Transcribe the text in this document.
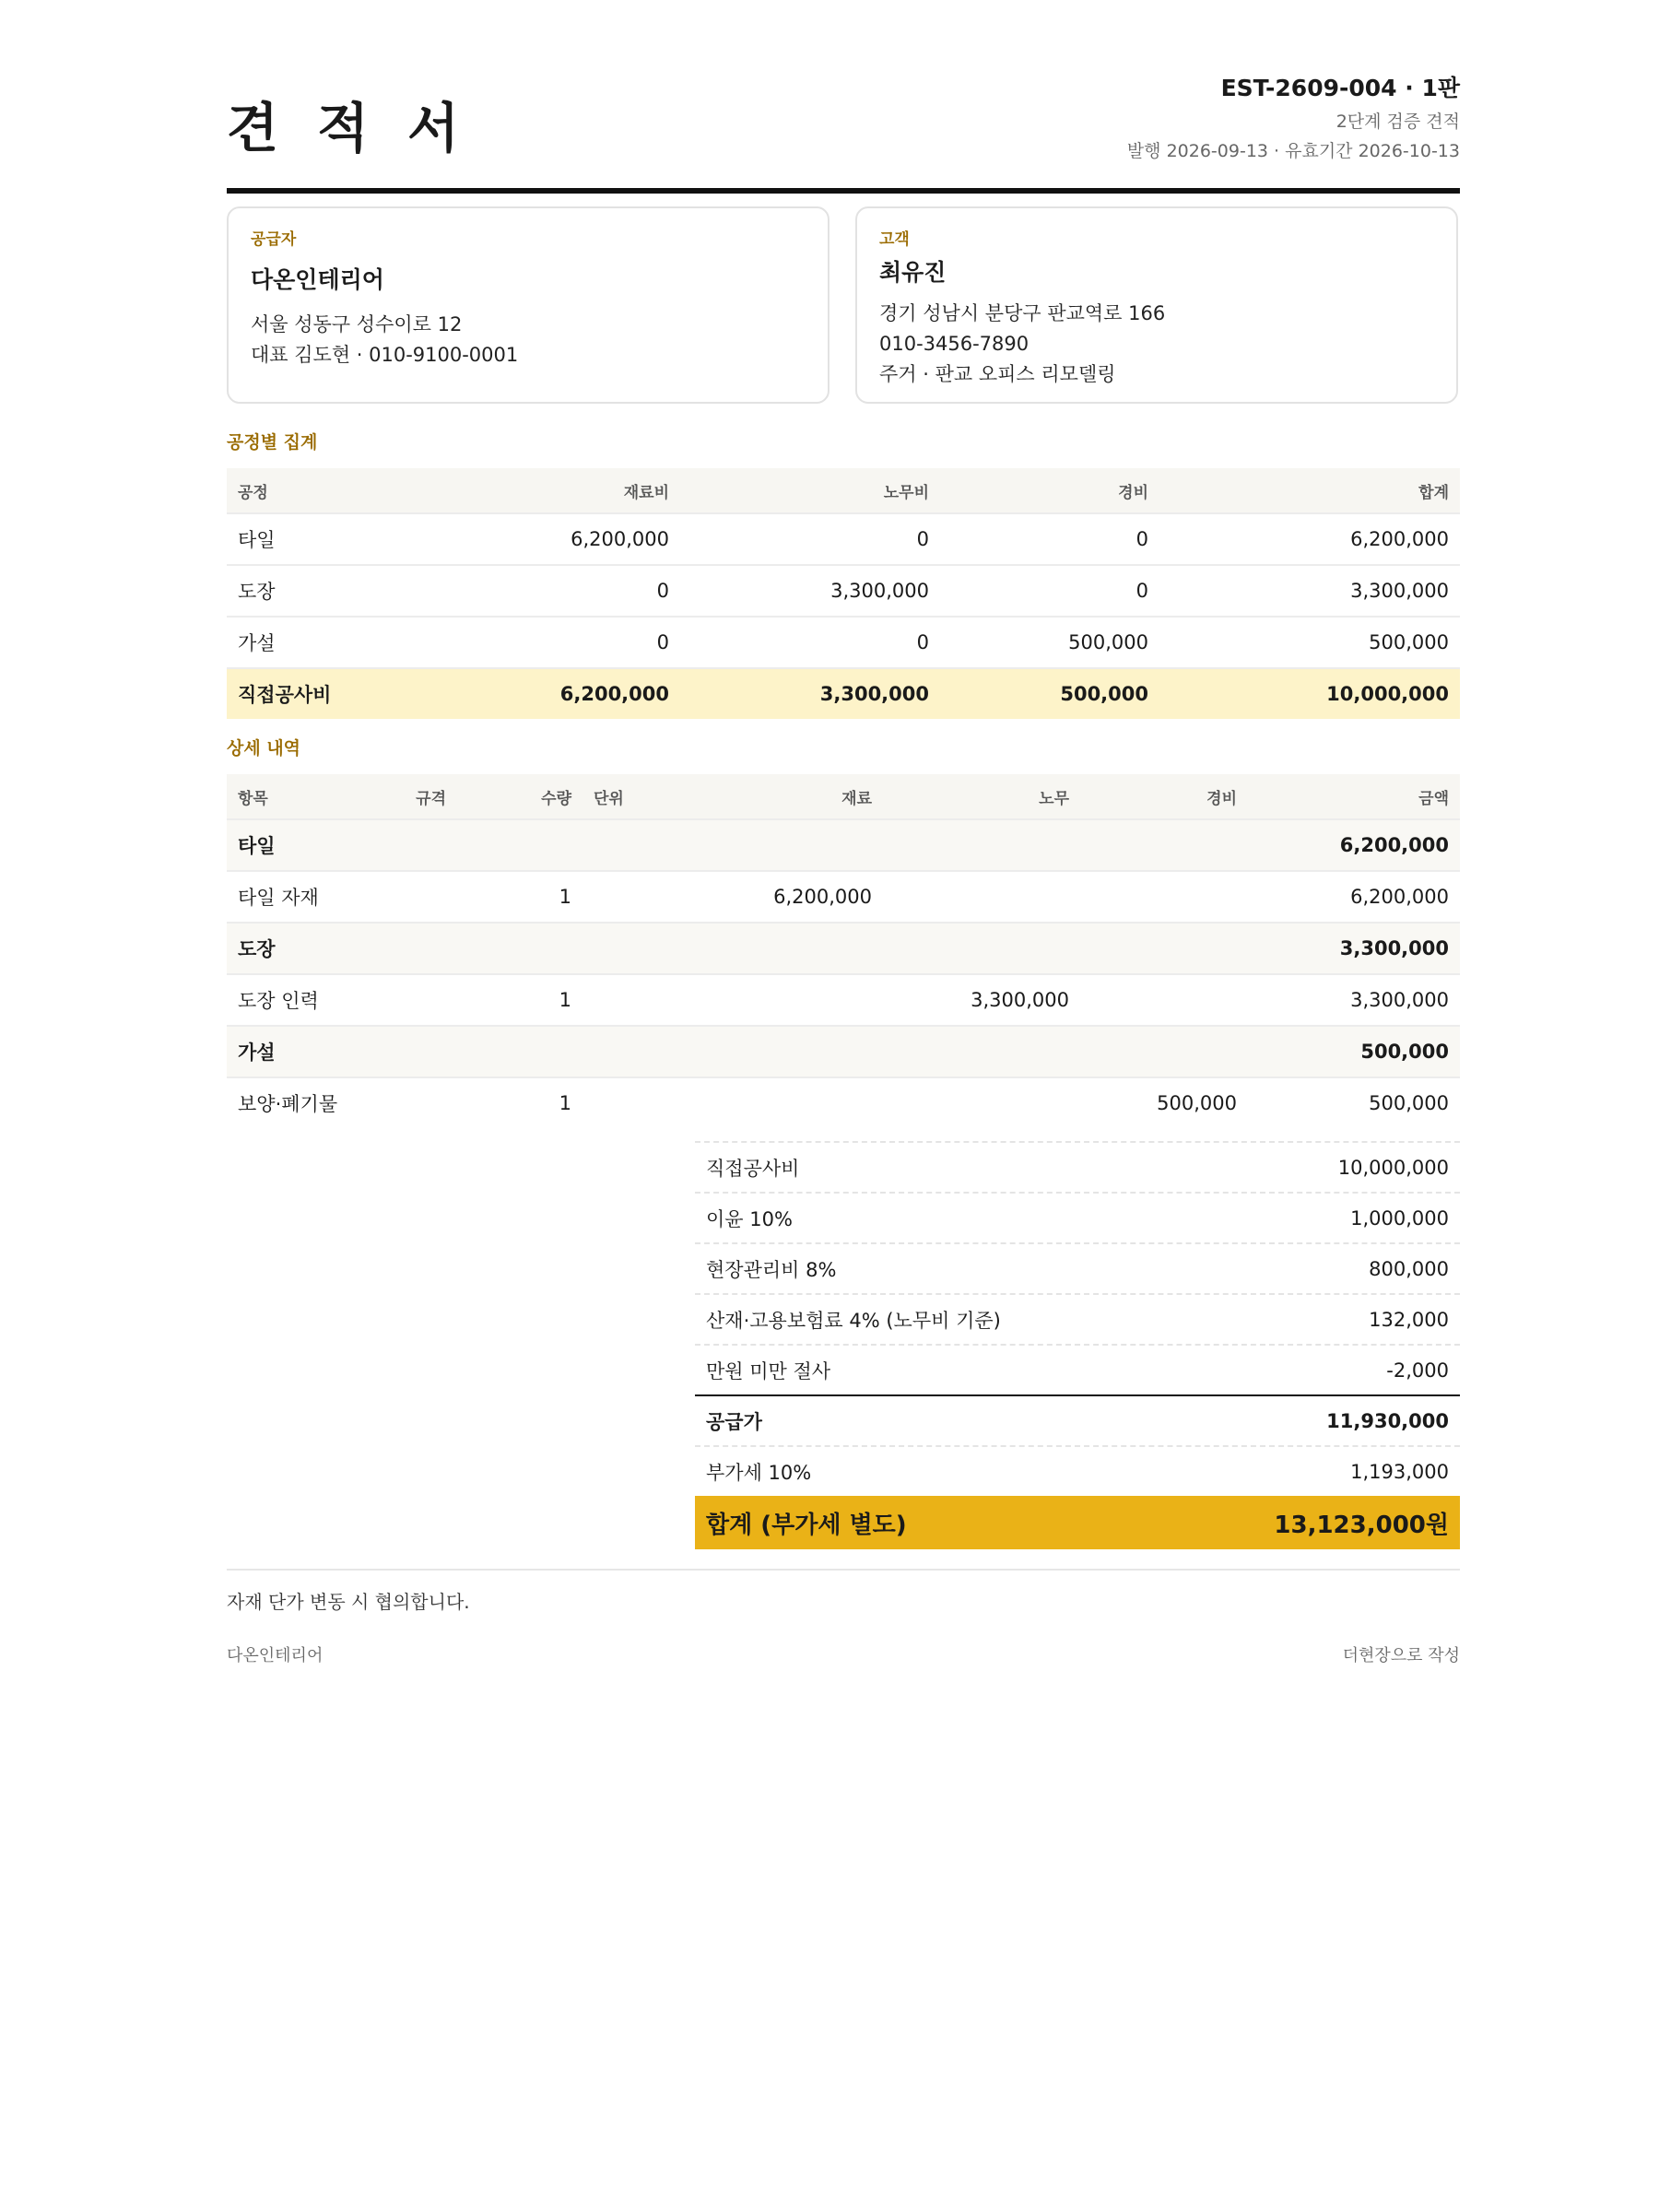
견적서
EST-2609-004 · 1판
2단계 검증 견적
발행 2026-09-13 · 유효기간 2026-10-13
공급자
다온인테리어
서울 성동구 성수이로 12
대표 김도현 · 010-9100-0001
고객
최유진
경기 성남시 분당구 판교역로 166
010-3456-7890
주거 · 판교 오피스 리모델링
공정별 집계
공정	재료비	노무비	경비	합계
타일	6,200,000	0	0	6,200,000
도장	0	3,300,000	0	3,300,000
가설	0	0	500,000	500,000
직접공사비	6,200,000	3,300,000	500,000	10,000,000
상세 내역
항목	규격	수량	단위	재료	노무	경비	금액
타일							6,200,000
타일 자재		1		6,200,000			6,200,000
도장							3,300,000
도장 인력		1			3,300,000		3,300,000
가설							500,000
보양·폐기물		1				500,000	500,000
직접공사비	10,000,000
이윤 10%	1,000,000
현장관리비 8%	800,000
산재·고용보험료 4% (노무비 기준)	132,000
만원 미만 절사	-2,000
공급가	11,930,000
부가세 10%	1,193,000
합계 (부가세 별도)	13,123,000원
자재 단가 변동 시 협의합니다.
다온인테리어	더현장으로 작성
